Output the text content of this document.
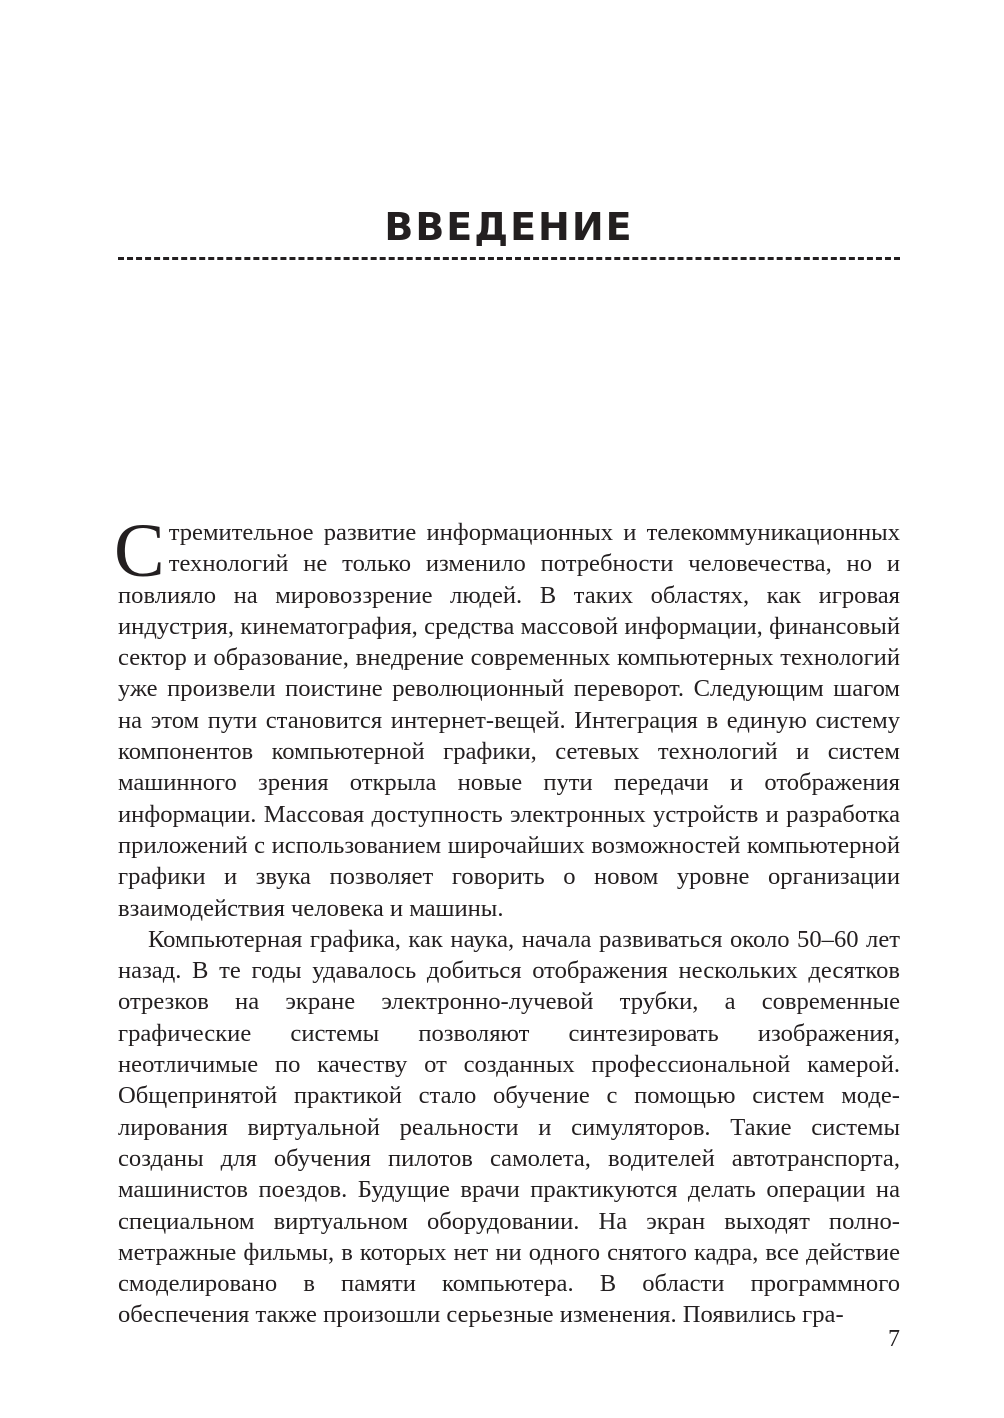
ВВЕДЕНИЕ

Стремительное развитие информационных и телекоммуникационных технологий не только изменило потребности человечества, но и повлияло на мировоззрение людей. В таких областях, как игровая индустрия, кинематография, средства массовой информации, финансовый сектор и образование, внедрение современных компьютерных технологий уже произвели поистине революционный переворот. Следующим шагом на этом пути становится интернет-вещей. Интеграция в единую систему компонентов компьютерной графики, сетевых технологий и систем машинного зрения открыла новые пути передачи и отображения информации. Массовая доступность электронных устройств и разработка приложений с использованием широчайших возможностей компьютерной графики и звука позволяет говорить о новом уровне организации взаимодействия человека и машины.

Компьютерная графика, как наука, начала развиваться около 50–60 лет назад. В те годы удавалось добиться отображения нескольких десятков отрезков на экране электронно-лучевой трубки, а современные графические системы позволяют синтезировать изображения, неотличимые по качеству от созданных профессиональной камерой. Общепринятой практикой стало обучение с помощью систем моделирования виртуальной реальности и симуляторов. Такие системы созданы для обучения пилотов самолета, водителей автотранспорта, машинистов поездов. Будущие врачи практикуются делать операции на специальном виртуальном оборудовании. На экран выходят полнометражные фильмы, в которых нет ни одного снятого кадра, все действие смоделировано в памяти компьютера. В области программного обеспечения также произошли серьезные изменения. Появились гра-

7
